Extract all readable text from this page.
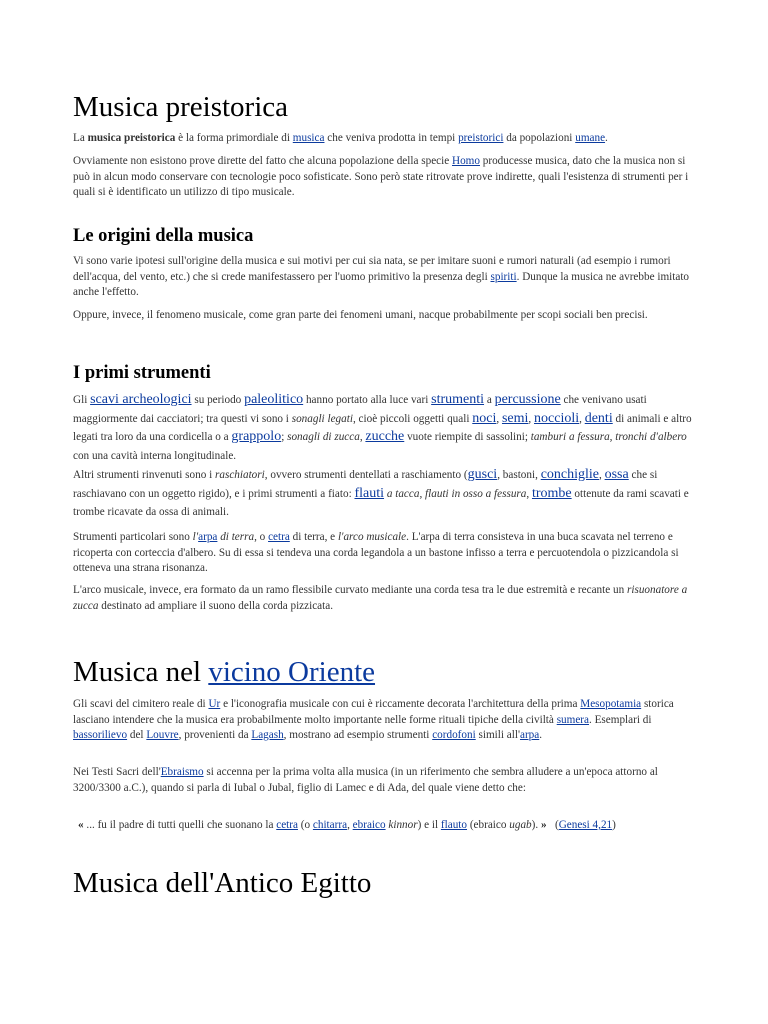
Musica preistorica

La musica preistorica è la forma primordiale di musica che veniva prodotta in tempi preistorici da popolazioni umane.

Ovviamente non esistono prove dirette del fatto che alcuna popolazione della specie Homo producesse musica, dato che la musica non si può in alcun modo conservare con tecnologie poco sofisticate. Sono però state ritrovate prove indirette, quali l'esistenza di strumenti per i quali si è identificato un utilizzo di tipo musicale.

Le origini della musica

Vi sono varie ipotesi sull'origine della musica e sui motivi per cui sia nata, se per imitare suoni e rumori naturali (ad esempio i rumori dell'acqua, del vento, etc.) che si crede manifestassero per l'uomo primitivo la presenza degli spiriti. Dunque la musica ne avrebbe imitato anche l'effetto.

Oppure, invece, il fenomeno musicale, come gran parte dei fenomeni umani, nacque probabilmente per scopi sociali ben precisi.

I primi strumenti

Gli scavi archeologici su periodo paleolitico hanno portato alla luce vari strumenti a percussione che venivano usati maggiormente dai cacciatori; tra questi vi sono i sonagli legati, cioè piccoli oggetti quali noci, semi, noccioli, denti di animali e altro legati tra loro da una cordicella o a grappolo; sonagli di zucca, zucche vuote riempite di sassolini; tamburi a fessura, tronchi d'albero con una cavità interna longitudinale.

Altri strumenti rinvenuti sono i raschiatori, ovvero strumenti dentellati a raschiamento (gusci, bastoni, conchiglie, ossa che si raschiavano con un oggetto rigido), e i primi strumenti a fiato: flauti a tacca, flauti in osso a fessura, trombe ottenute da rami scavati e trombe ricavate da ossa di animali.

Strumenti particolari sono l'arpa di terra, o cetra di terra, e l'arco musicale. L'arpa di terra consisteva in una buca scavata nel terreno e ricoperta con corteccia d'albero. Su di essa si tendeva una corda legandola a un bastone infisso a terra e percuotendola o pizzicandola si otteneva una strana risonanza.

L'arco musicale, invece, era formato da un ramo flessibile curvato mediante una corda tesa tra le due estremità e recante un risuonatore a zucca destinato ad ampliare il suono della corda pizzicata.

Musica nel vicino Oriente

Gli scavi del cimitero reale di Ur e l'iconografia musicale con cui è riccamente decorata l'architettura della prima Mesopotamia storica lasciano intendere che la musica era probabilmente molto importante nelle forme rituali tipiche della civiltà sumera. Esemplari di bassorilievo del Louvre, provenienti da Lagash, mostrano ad esempio strumenti cordofoni simili all'arpa.

Nei Testi Sacri dell'Ebraismo si accenna per la prima volta alla musica (in un riferimento che sembra alludere a un'epoca attorno al 3200/3300 a.C.), quando si parla di Iubal o Jubal, figlio di Lamec e di Ada, del quale viene detto che:

« ... fu il padre di tutti quelli che suonano la cetra (o chitarra, ebraico kinnor) e il flauto (ebraico ugab). »   (Genesi 4,21)

Musica dell'Antico Egitto
